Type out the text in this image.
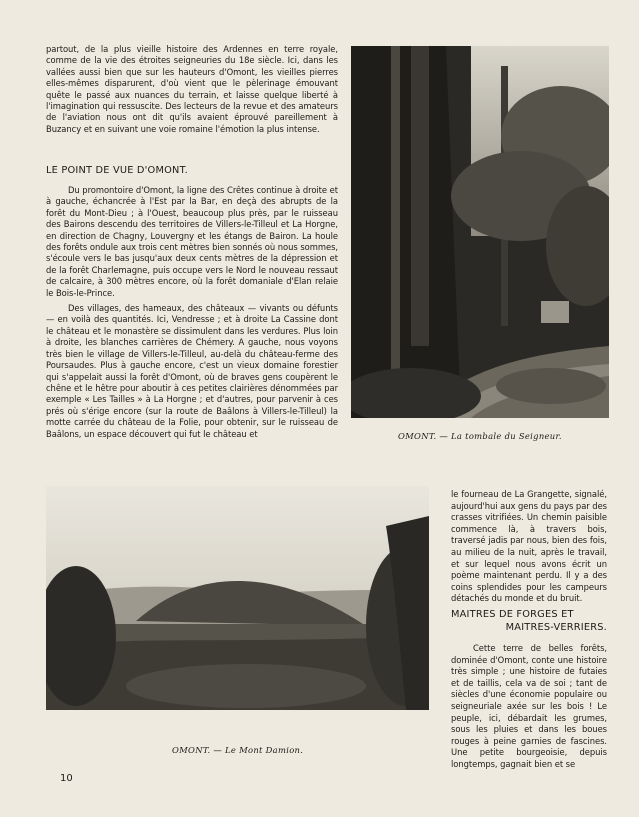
partout, de la plus vieille histoire des Ardennes en terre royale, comme de la vie des étroites seigneuries du 18e siècle. Ici, dans les vallées aussi bien que sur les hauteurs d'Omont, les vieilles pierres elles-mêmes disparurent, d'où vient que le pèlerinage émouvant quête le passé aux nuances du terrain, et laisse quelque liberté à l'imagination qui ressuscite. Des lecteurs de la revue et des amateurs de l'aviation nous ont dit qu'ils avaient éprouvé pareillement à Buzancy et en suivant une voie romaine l'émotion la plus intense.

LE POINT DE VUE D'OMONT.

Du promontoire d'Omont, la ligne des Crêtes continue à droite et à gauche, échancrée à l'Est par la Bar, en deçà des abrupts de la forêt du Mont-Dieu ; à l'Ouest, beaucoup plus près, par le ruisseau des Bairons descendu des territoires de Villers-le-Tilleul et La Horgne, en direction de Chagny, Louvergny et les étangs de Bairon. La houle des forêts ondule aux trois cent mètres bien sonnés où nous sommes, s'écoule vers le bas jusqu'aux deux cents mètres de la dépression et de la forêt Charlemagne, puis occupe vers le Nord le nouveau ressaut de calcaire, à 300 mètres encore, où la forêt domaniale d'Elan relaie le Bois-le-Prince.

Des villages, des hameaux, des châteaux — vivants ou défunts — en voilà des quantités. Ici, Vendresse ; et à droite La Cassine dont le château et le monastère se dissimulent dans les verdures. Plus loin à droite, les blanches carrières de Chémery. A gauche, nous voyons très bien le village de Villers-le-Tilleul, au-delà du château-ferme des Poursaudes. Plus à gauche encore, c'est un vieux domaine forestier qui s'appelait aussi la forêt d'Omont, où de braves gens coupèrent le chêne et le hêtre pour aboutir à ces petites clairières dénommées par exemple « Les Tailles » à La Horgne ; et d'autres, pour parvenir à ces prés où s'érige encore (sur la route de Baâlons à Villers-le-Tilleul) la motte carrée du château de la Folie, pour obtenir, sur le ruisseau de Baâlons, un espace découvert qui fut le château et	OMONT. — La tombale du Seigneur.
OMONT. — Le Mont Damion.

le fourneau de La Grangette, signalé, aujourd'hui aux gens du pays par des crasses vitrifiées. Un chemin paisible commence là, à travers bois, traversé jadis par nous, bien des fois, au milieu de la nuit, après le travail, et sur lequel nous avons écrit un poème maintenant perdu. Il y a des coins splendides pour les campeurs détachés du monde et du bruit.

MAITRES DE FORGES ET
MAITRES-VERRIERS.

Cette terre de belles forêts, dominée d'Omont, conte une histoire très simple ; une histoire de futaies et de taillis, cela va de soi ; tant de siècles d'une économie populaire ou seigneuriale axée sur les bois ! Le peuple, ici, débardait les grumes, sous les pluies et dans les boues rouges à peine garnies de fascines. Une petite bourgeoisie, depuis longtemps, gagnait bien et se

10
